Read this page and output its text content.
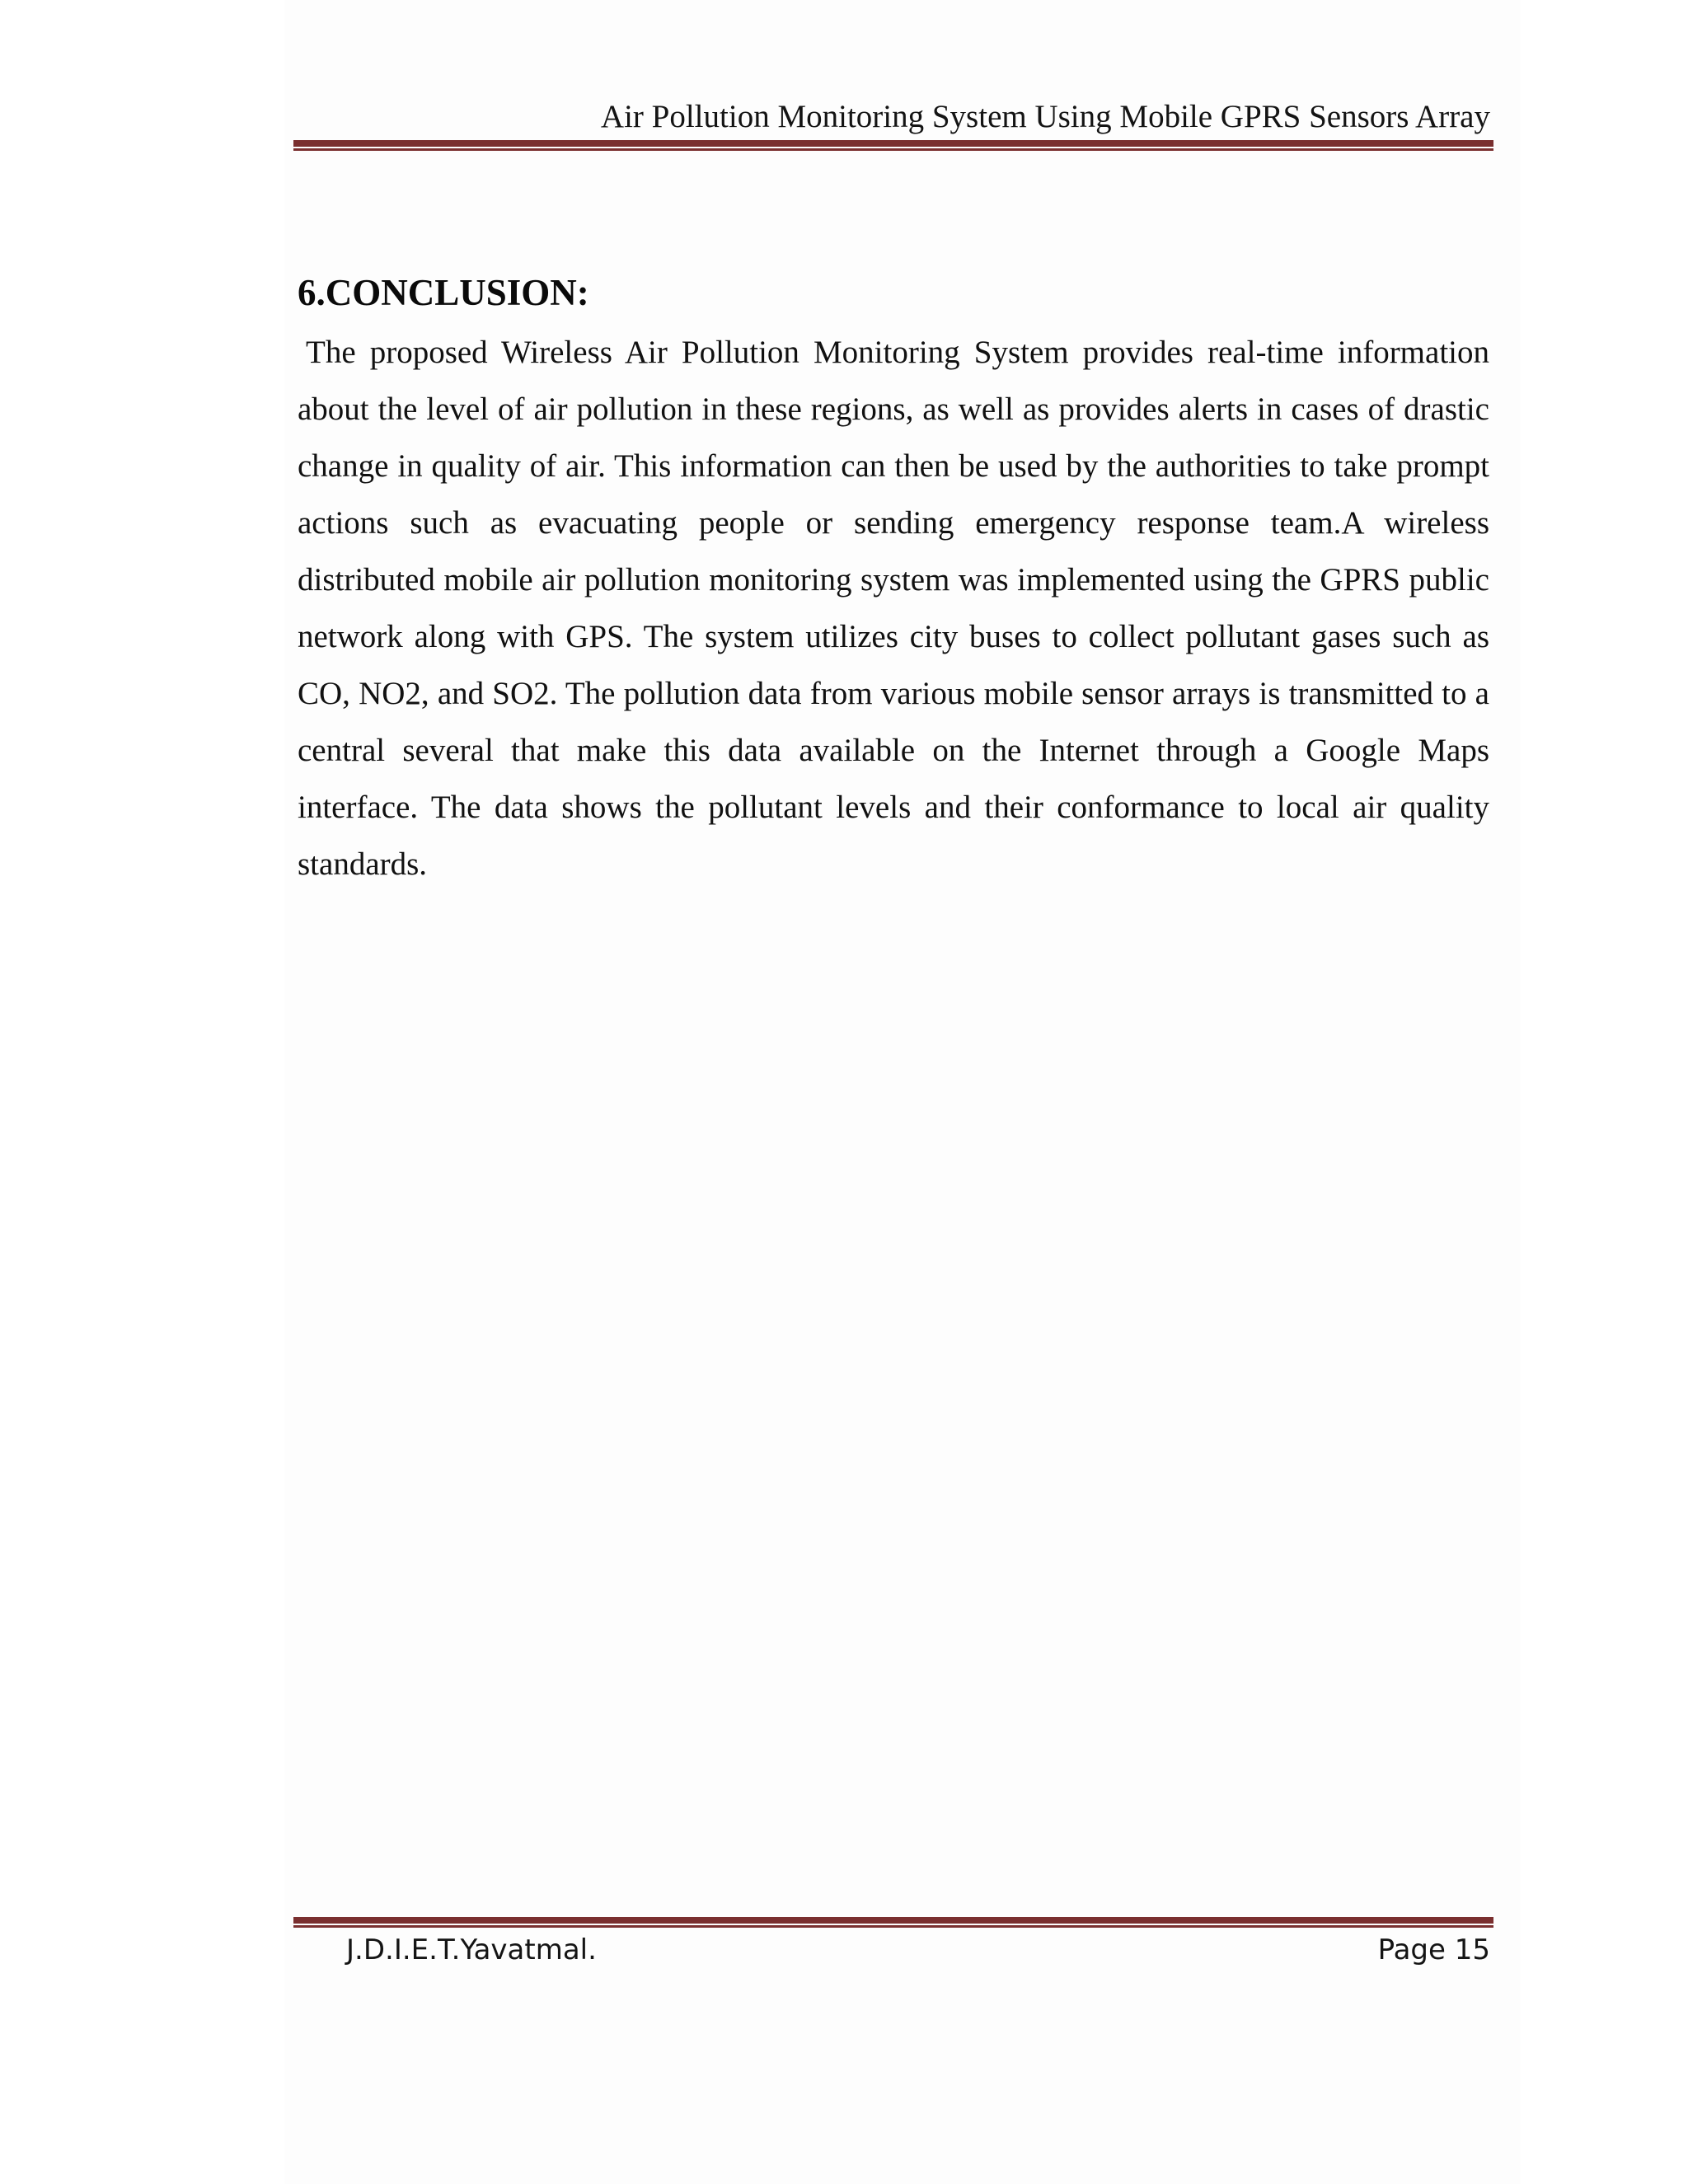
Air Pollution Monitoring System Using Mobile GPRS Sensors Array
6.CONCLUSION:

The proposed Wireless Air Pollution Monitoring System provides real-time information about the level of air pollution in these regions, as well as provides alerts in cases of drastic change in quality of air. This information can then be used by the authorities to take prompt actions such as evacuating people or sending emergency response team.A wireless distributed mobile air pollution monitoring system was implemented using the GPRS public network along with GPS. The system utilizes city buses to collect pollutant gases such as CO, NO2, and SO2. The pollution data from various mobile sensor arrays is transmitted to a central several that make this data available on the Internet through a Google Maps interface. The data shows the pollutant levels and their conformance to local air quality standards.

J.D.I.E.T.Yavatmal.	Page 15
